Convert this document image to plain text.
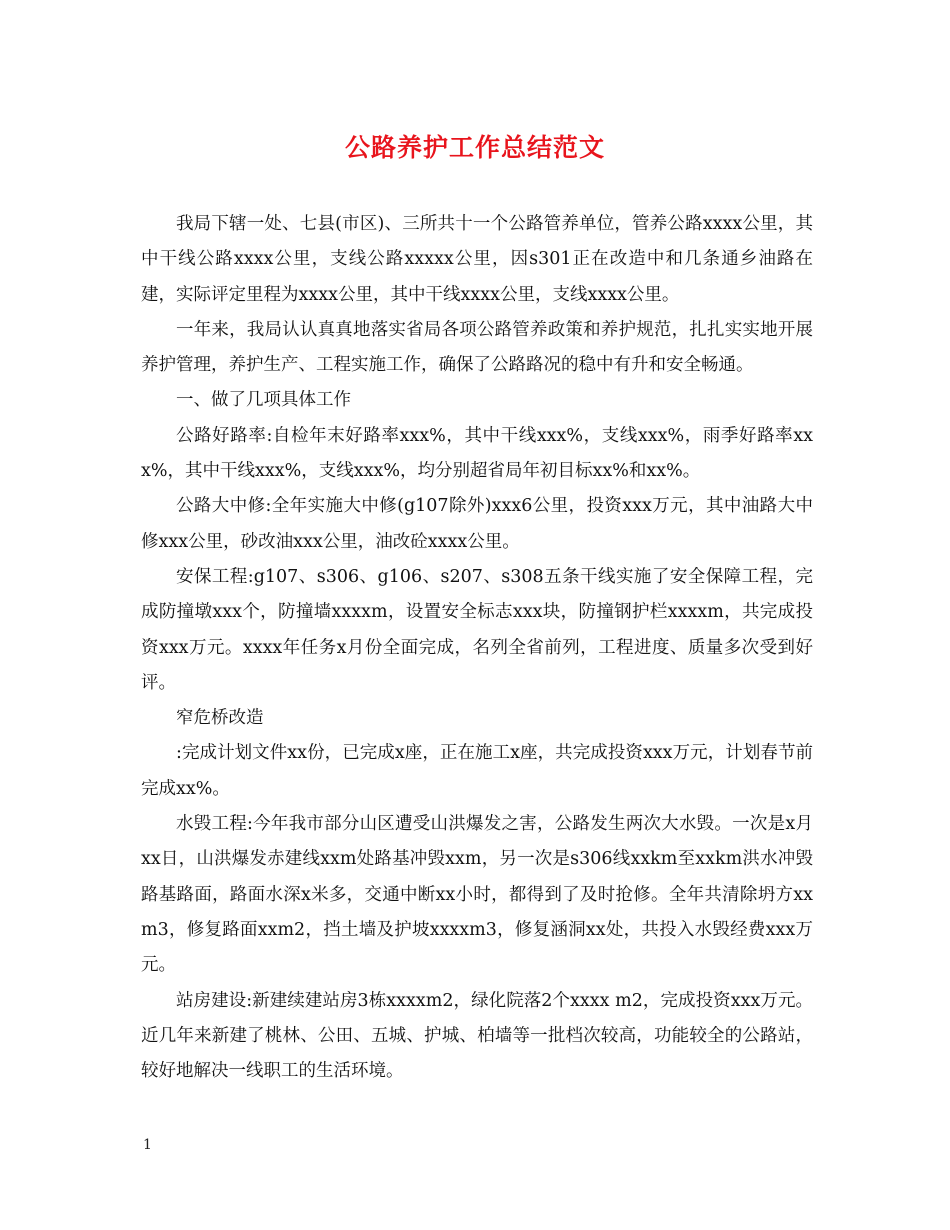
公路养护工作总结范文

我局下辖一处、七县(市区)、三所共十一个公路管养单位，管养公路xxxx公里，其中干线公路xxxx公里，支线公路xxxxx公里，因s301正在改造中和几条通乡油路在建，实际评定里程为xxxx公里，其中干线xxxx公里，支线xxxx公里。

一年来，我局认认真真地落实省局各项公路管养政策和养护规范，扎扎实实地开展养护管理，养护生产、工程实施工作，确保了公路路况的稳中有升和安全畅通。

一、做了几项具体工作

公路好路率:自检年末好路率xxx%，其中干线xxx%，支线xxx%，雨季好路率xxx%，其中干线xxx%，支线xxx%，均分别超省局年初目标xx%和xx%。

公路大中修:全年实施大中修(g107除外)xxx6公里，投资xxx万元，其中油路大中修xxx公里，砂改油xxx公里，油改砼xxxx公里。

安保工程:g107、s306、g106、s207、s308五条干线实施了安全保障工程，完成防撞墩xxx个，防撞墙xxxxm，设置安全标志xxx块，防撞钢护栏xxxxm，共完成投资xxx万元。xxxx年任务x月份全面完成，名列全省前列，工程进度、质量多次受到好评。

窄危桥改造

:完成计划文件xx份，已完成x座，正在施工x座，共完成投资xxx万元，计划春节前完成xx%。

水毁工程:今年我市部分山区遭受山洪爆发之害，公路发生两次大水毁。一次是x月xx日，山洪爆发赤建线xxm处路基冲毁xxm，另一次是s306线xxkm至xxkm洪水冲毁路基路面，路面水深x米多，交通中断xx小时，都得到了及时抢修。全年共清除坍方xxm3，修复路面xxm2，挡土墙及护坡xxxxm3，修复涵洞xx处，共投入水毁经费xxx万元。

站房建设:新建续建站房3栋xxxxm2，绿化院落2个xxxx m2，完成投资xxx万元。近几年来新建了桃林、公田、五城、护城、柏墙等一批档次较高，功能较全的公路站，较好地解决一线职工的生活环境。

1
